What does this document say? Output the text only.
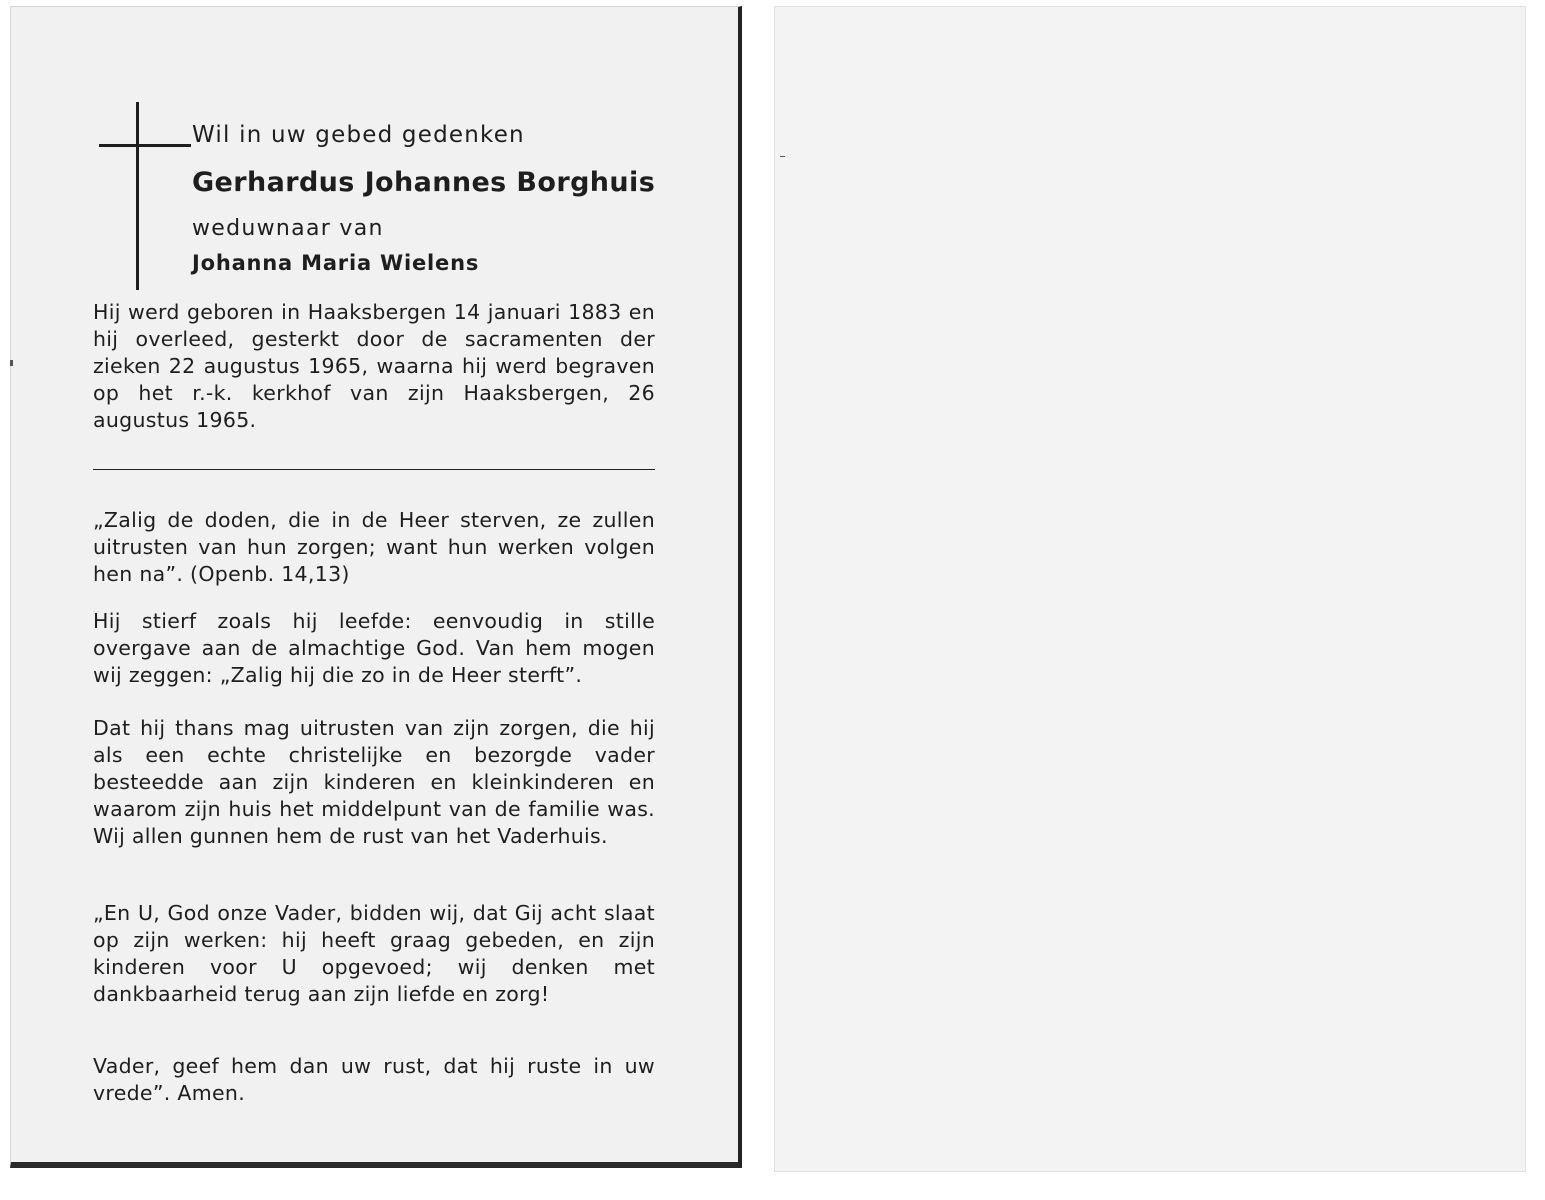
Wil in uw gebed gedenken
Gerhardus Johannes Borghuis
weduwnaar van
Johanna Maria Wielens
Hij werd geboren in Haaksbergen 14 januari 1883 en hij overleed, gesterkt door de sacramenten der zieken 22 augustus 1965, waarna hij werd begraven op het r.-k. kerkhof van zijn Haaksbergen, 26 augustus 1965.
„Zalig de doden, die in de Heer sterven, ze zullen uitrusten van hun zorgen; want hun werken volgen hen na”. (Openb. 14,13)
Hij stierf zoals hij leefde: eenvoudig in stille overgave aan de almachtige God. Van hem mogen wij zeggen: „Zalig hij die zo in de Heer sterft”.
Dat hij thans mag uitrusten van zijn zorgen, die hij als een echte christelijke en bezorgde vader besteedde aan zijn kinderen en kleinkinderen en waarom zijn huis het middelpunt van de familie was. Wij allen gunnen hem de rust van het Vaderhuis.
„En U, God onze Vader, bidden wij, dat Gij acht slaat op zijn werken: hij heeft graag gebeden, en zijn kinderen voor U opgevoed; wij denken met dankbaarheid terug aan zijn liefde en zorg!
Vader, geef hem dan uw rust, dat hij ruste in uw vrede”. Amen.
